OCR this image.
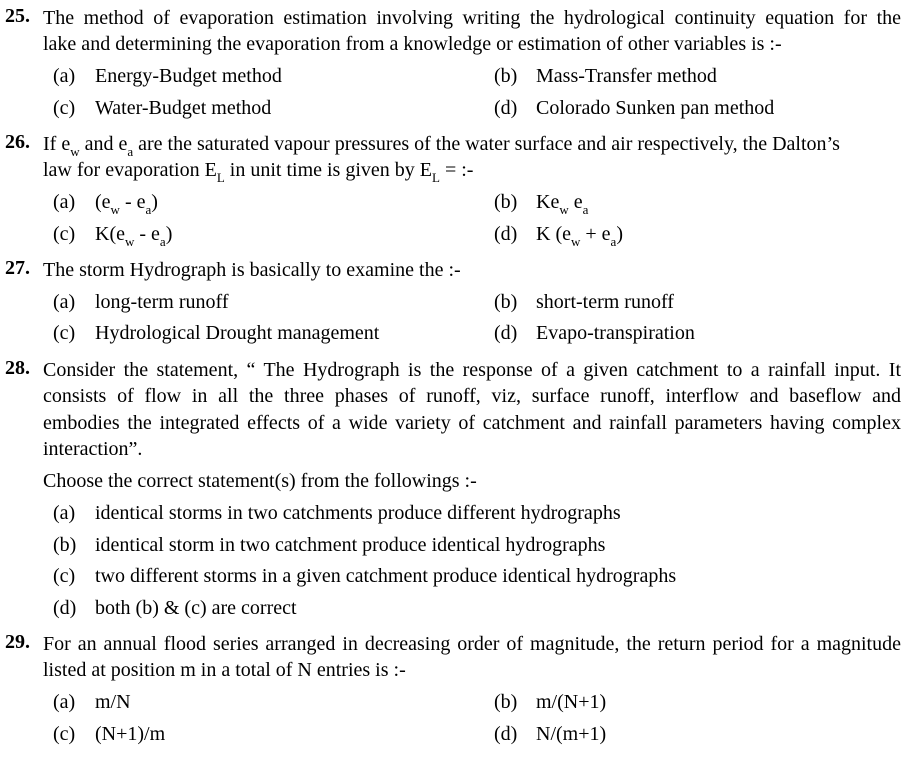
25. The method of evaporation estimation involving writing the hydrological continuity equation for the
lake and determining the evaporation from a knowledge or estimation of other variables is :-
(a) Energy-Budget method	(b) Mass-Transfer method
(c) Water-Budget method	(d) Colorado Sunken pan method
26. If $e_w$ and $e_a$ are the saturated vapour pressures of the water surface and air respectively, the Dalton’s
law for evaporation $E_L$ in unit time is given by $E_L$ = :-
(a) $(e_w - e_a)$	(b) $Ke_w$ $e_a$
(c) $K(e_w - e_a)$	(d) K $(e_w + e_a)$
27. The storm Hydrograph is basically to examine the :-
(a) long-term runoff	(b) short-term runoff
(c) Hydrological Drought management	(d) Evapo-transpiration
28. Consider the statement, “ The Hydrograph is the response of a given catchment to a rainfall input. It
consists of flow in all the three phases of runoff, viz, surface runoff, interflow and baseflow and
embodies the integrated effects of a wide variety of catchment and rainfall parameters having complex
interaction”.
Choose the correct statement(s) from the followings :-
(a) identical storms in two catchments produce different hydrographs
(b) identical storm in two catchment produce identical hydrographs
(c) two different storms in a given catchment produce identical hydrographs
(d) both (b) & (c) are correct
29. For an annual flood series arranged in decreasing order of magnitude, the return period for a magnitude
listed at position m in a total of N entries is :-
(a) m/N	(b) m/(N+1)
(c) (N+1)/m	(d) N/(m+1)
